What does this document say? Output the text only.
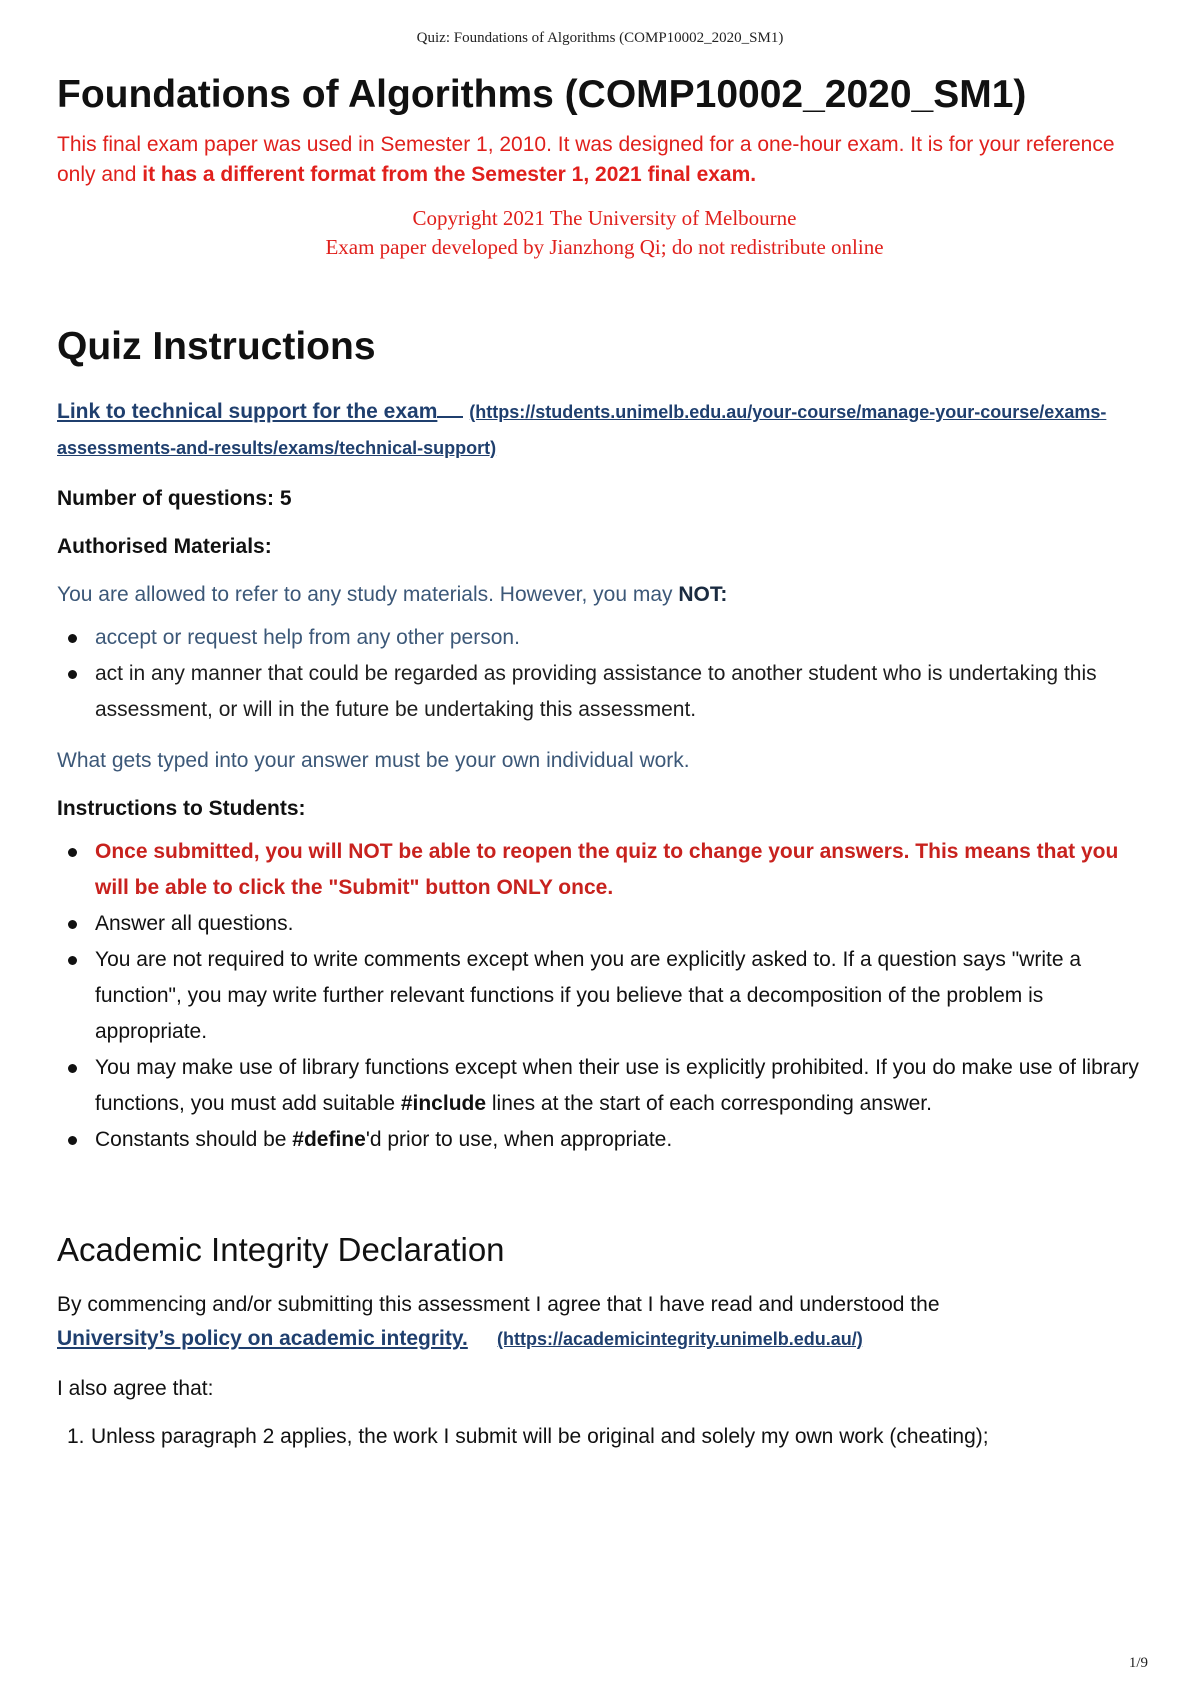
Quiz: Foundations of Algorithms (COMP10002_2020_SM1)
Foundations of Algorithms (COMP10002_2020_SM1)

This final exam paper was used in Semester 1, 2010. It was designed for a one-hour exam. It is for your reference only and it has a different format from the Semester 1, 2021 final exam.

Copyright 2021 The University of Melbourne
Exam paper developed by Jianzhong Qi; do not redistribute online
Quiz Instructions
Link to technical support for the exam (https://students.unimelb.edu.au/your-course/manage-your-course/exams-assessments-and-results/exams/technical-support)

Number of questions: 5

Authorised Materials:

You are allowed to refer to any study materials. However, you may NOT:

accept or request help from any other person.
act in any manner that could be regarded as providing assistance to another student who is undertaking this assessment, or will in the future be undertaking this assessment.

What gets typed into your answer must be your own individual work.

Instructions to Students:

Once submitted, you will NOT be able to reopen the quiz to change your answers. This means that you will be able to click the "Submit" button ONLY once.
Answer all questions.
You are not required to write comments except when you are explicitly asked to. If a question says "write a function", you may write further relevant functions if you believe that a decomposition of the problem is appropriate.
You may make use of library functions except when their use is explicitly prohibited. If you do make use of library functions, you must add suitable #include lines at the start of each corresponding answer.
Constants should be #define'd prior to use, when appropriate.
Academic Integrity Declaration

By commencing and/or submitting this assessment I agree that I have read and understood the
University’s policy on academic integrity. (https://academicintegrity.unimelb.edu.au/)

I also agree that:

1. Unless paragraph 2 applies, the work I submit will be original and solely my own work (cheating);
1/9
